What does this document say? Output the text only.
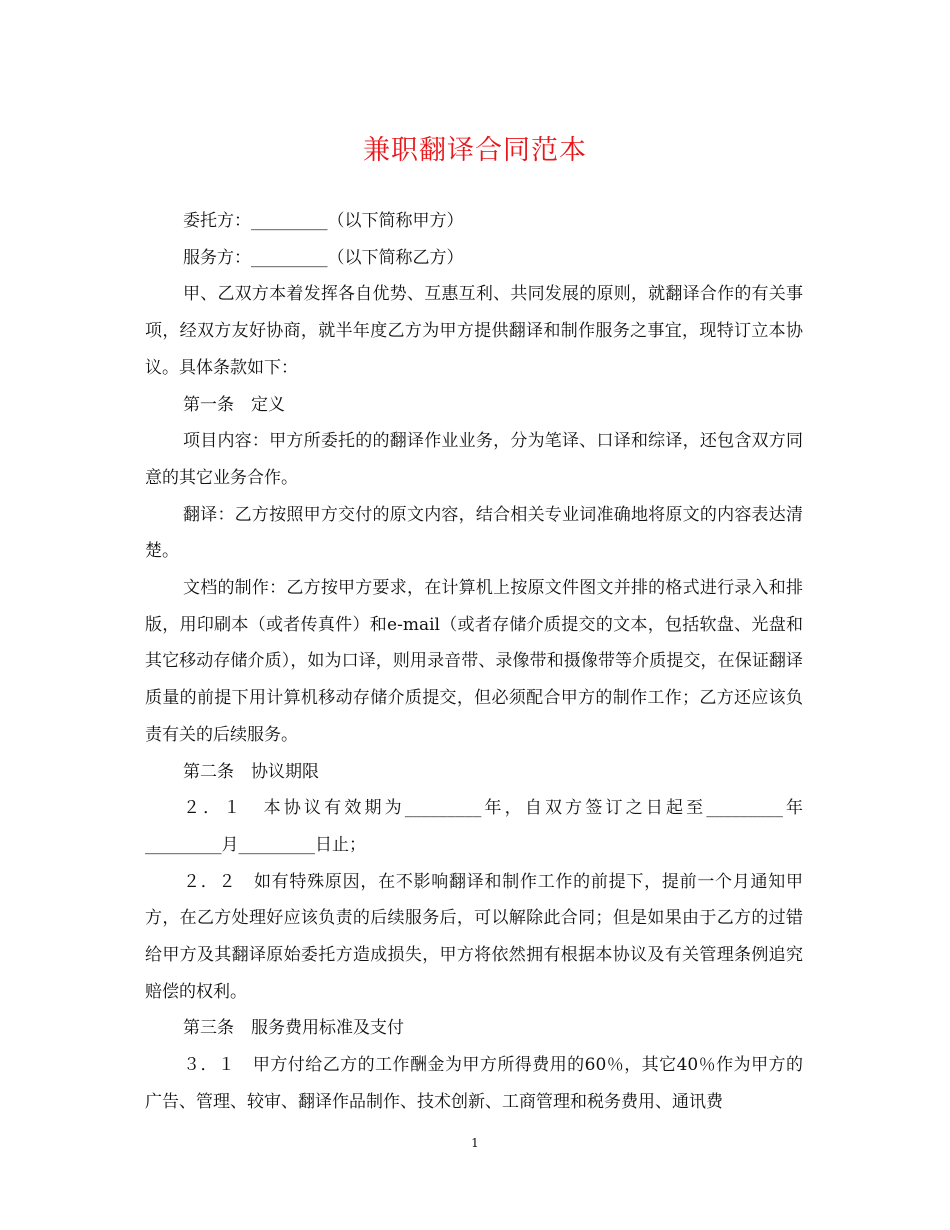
兼职翻译合同范本

委托方：_________（以下简称甲方）

服务方：_________（以下简称乙方）

甲、乙双方本着发挥各自优势、互惠互利、共同发展的原则，就翻译合作的有关事项，经双方友好协商，就半年度乙方为甲方提供翻译和制作服务之事宜，现特订立本协议。具体条款如下：

第一条　定义

项目内容：甲方所委托的的翻译作业业务，分为笔译、口译和综译，还包含双方同意的其它业务合作。

翻译：乙方按照甲方交付的原文内容，结合相关专业词准确地将原文的内容表达清楚。

文档的制作：乙方按甲方要求，在计算机上按原文件图文并排的格式进行录入和排版，用印刷本（或者传真件）和e-mail（或者存储介质提交的文本，包括软盘、光盘和其它移动存储介质），如为口译，则用录音带、录像带和摄像带等介质提交，在保证翻译质量的前提下用计算机移动存储介质提交，但必须配合甲方的制作工作；乙方还应该负责有关的后续服务。

第二条　协议期限

２．１　本协议有效期为_________年，自双方签订之日起至_________年_________月_________日止；

２．２　如有特殊原因，在不影响翻译和制作工作的前提下，提前一个月通知甲方，在乙方处理好应该负责的后续服务后，可以解除此合同；但是如果由于乙方的过错给甲方及其翻译原始委托方造成损失，甲方将依然拥有根据本协议及有关管理条例追究赔偿的权利。

第三条　服务费用标准及支付

３．１　甲方付给乙方的工作酬金为甲方所得费用的60％，其它40％作为甲方的广告、管理、较审、翻译作品制作、技术创新、工商管理和税务费用、通讯费

1
